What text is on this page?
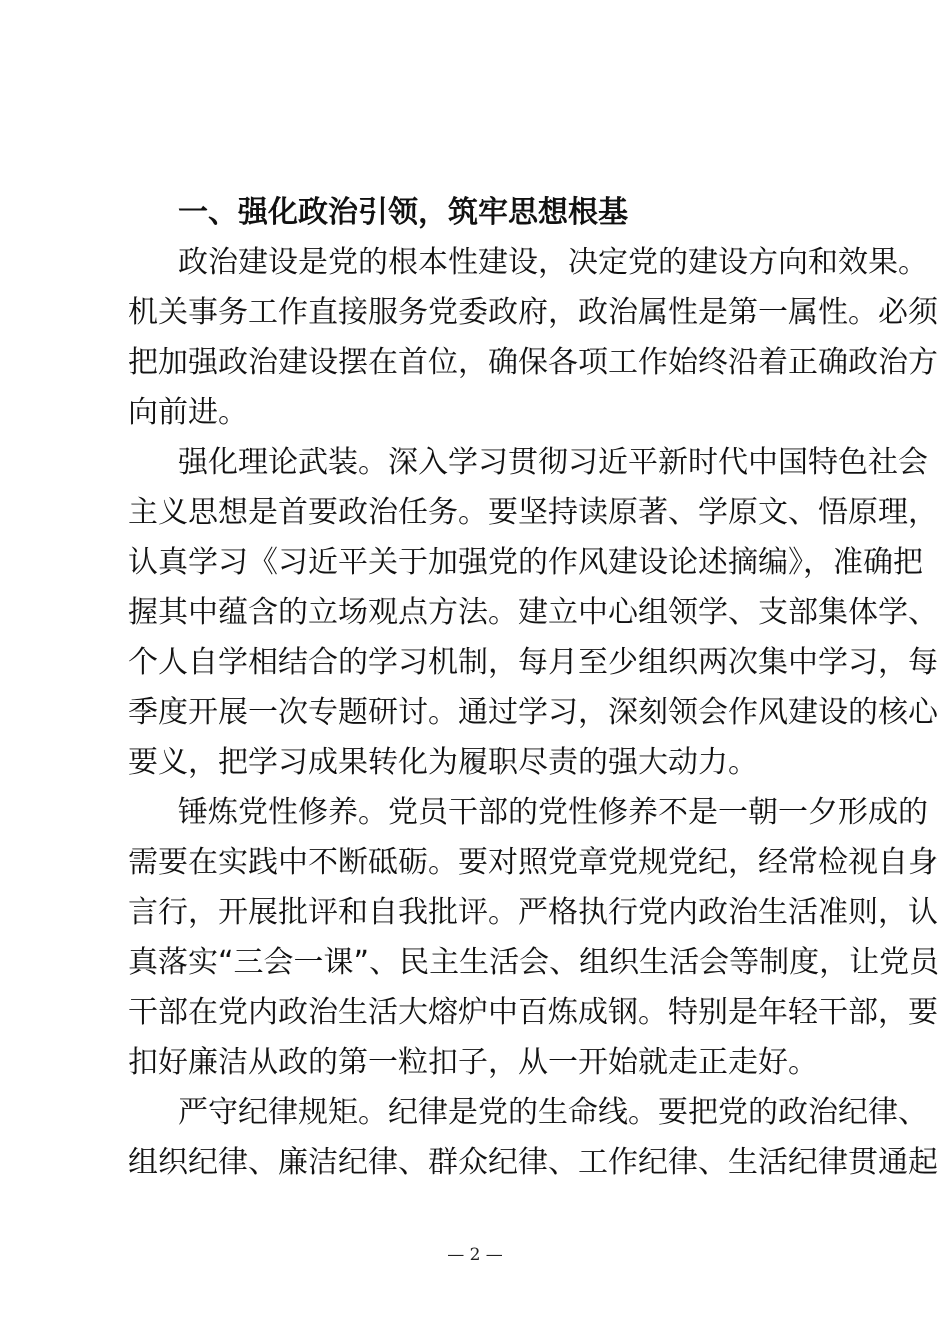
一、强化政治引领，筑牢思想根基
政治建设是党的根本性建设，决定党的建设方向和效果。
机关事务工作直接服务党委政府，政治属性是第一属性。必须
把加强政治建设摆在首位，确保各项工作始终沿着正确政治方
向前进。
强化理论武装。深入学习贯彻习近平新时代中国特色社会
主义思想是首要政治任务。要坚持读原著、学原文、悟原理，
认真学习《习近平关于加强党的作风建设论述摘编》，准确把
握其中蕴含的立场观点方法。建立中心组领学、支部集体学、
个人自学相结合的学习机制，每月至少组织两次集中学习，每
季度开展一次专题研讨。通过学习，深刻领会作风建设的核心
要义，把学习成果转化为履职尽责的强大动力。
锤炼党性修养。党员干部的党性修养不是一朝一夕形成的
需要在实践中不断砥砺。要对照党章党规党纪，经常检视自身
言行，开展批评和自我批评。严格执行党内政治生活准则，认
真落实“三会一课”、民主生活会、组织生活会等制度，让党员
干部在党内政治生活大熔炉中百炼成钢。特别是年轻干部，要
扣好廉洁从政的第一粒扣子，从一开始就走正走好。
严守纪律规矩。纪律是党的生命线。要把党的政治纪律、
组织纪律、廉洁纪律、群众纪律、工作纪律、生活纪律贯通起
— 2 —
